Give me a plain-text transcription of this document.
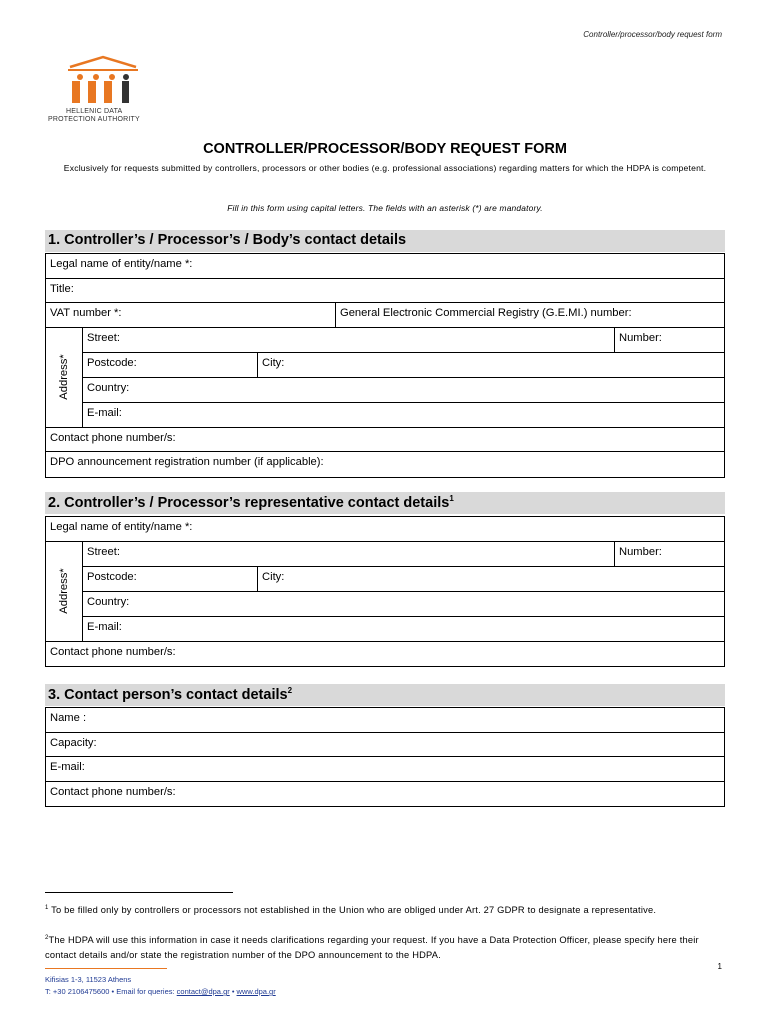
Controller/processor/body request form
HELLENIC DATA
PROTECTION AUTHORITY
CONTROLLER/PROCESSOR/BODY REQUEST FORM
Exclusively for requests submitted by controllers, processors or other bodies (e.g. professional associations) regarding matters for which the HDPA is competent.
Fill in this form using capital letters. The fields with an asterisk (*) are mandatory.
1. Controller’s / Processor’s / Body’s contact details
Legal name of entity/name *:
Title:
VAT number *:	General Electronic Commercial Registry (G.E.MI.) number:
Address*
Street:	Number:
Postcode:	City:
Country:
E-mail:
Contact phone number/s:
DPO announcement registration number (if applicable):
2. Controller’s / Processor’s representative contact details$^1$
Legal name of entity/name *:
Address*
Street:	Number:
Postcode:	City:
Country:
E-mail:
Contact phone number/s:
3. Contact person’s contact details$^2$
Name :
Capacity:
E-mail:
Contact phone number/s:
$^1$ To be filled only by controllers or processors not established in the Union who are obliged under Art. 27 GDPR to designate a representative.
$^2$The HDPA will use this information in case it needs clarifications regarding your request. If you have a Data Protection Officer, please specify here their contact details and/or state the registration number of the DPO announcement to the HDPA.
1
Kifisias 1-3, 11523 Athens
T: +30 2106475600 • Email for queries: contact@dpa.gr • www.dpa.gr
